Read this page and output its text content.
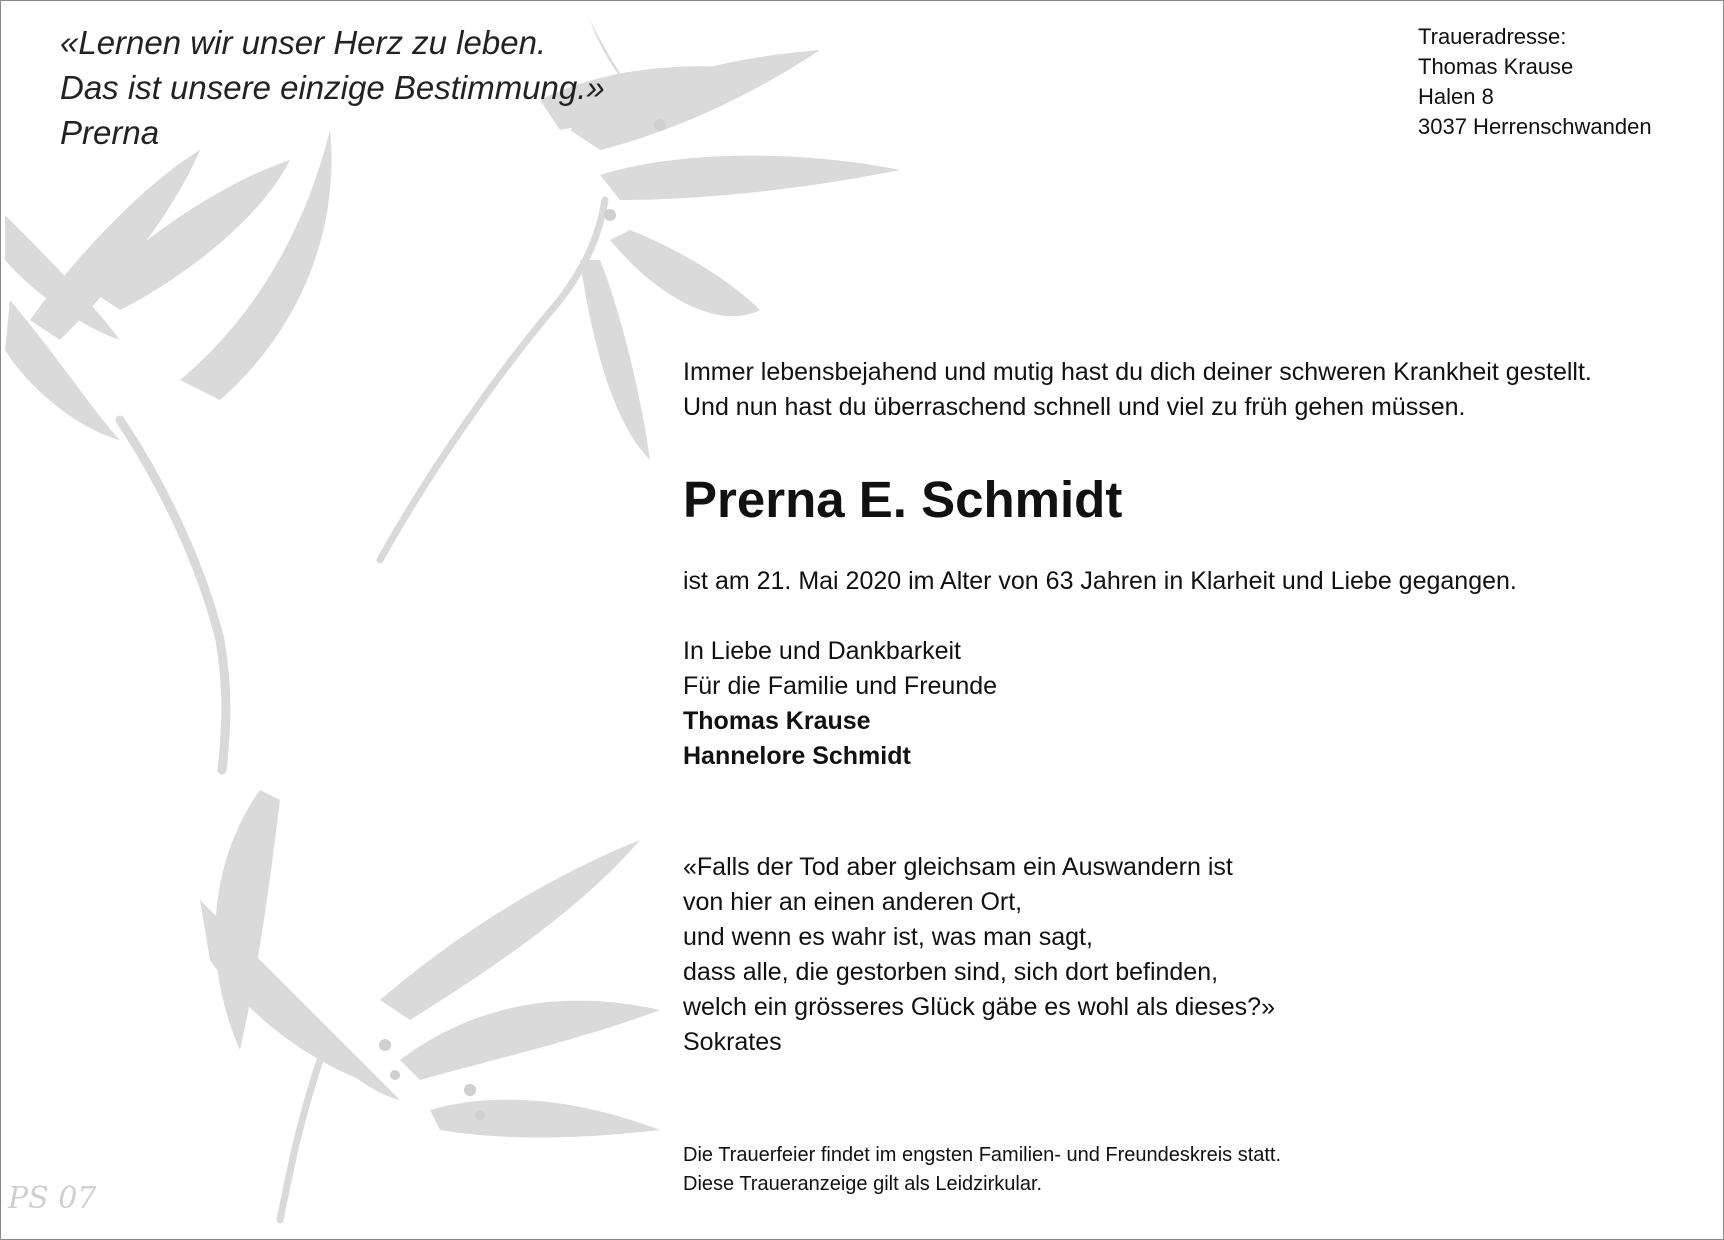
PS 07
«Lernen wir unser Herz zu leben.
Das ist unsere einzige Bestimmung.»
Prerna
Traueradresse:
Thomas Krause
Halen 8
3037 Herrenschwanden
Immer lebensbejahend und mutig hast du dich deiner schweren Krankheit gestellt.
Und nun hast du überraschend schnell und viel zu früh gehen müssen.
Prerna E. Schmidt
ist am 21. Mai 2020 im Alter von 63 Jahren in Klarheit und Liebe gegangen.
In Liebe und Dankbarkeit
Für die Familie und Freunde
Thomas Krause
Hannelore Schmidt
«Falls der Tod aber gleichsam ein Auswandern ist
von hier an einen anderen Ort,
und wenn es wahr ist, was man sagt,
dass alle, die gestorben sind, sich dort befinden,
welch ein grösseres Glück gäbe es wohl als dieses?»
Sokrates
Die Trauerfeier findet im engsten Familien- und Freundeskreis statt.
Diese Traueranzeige gilt als Leidzirkular.
